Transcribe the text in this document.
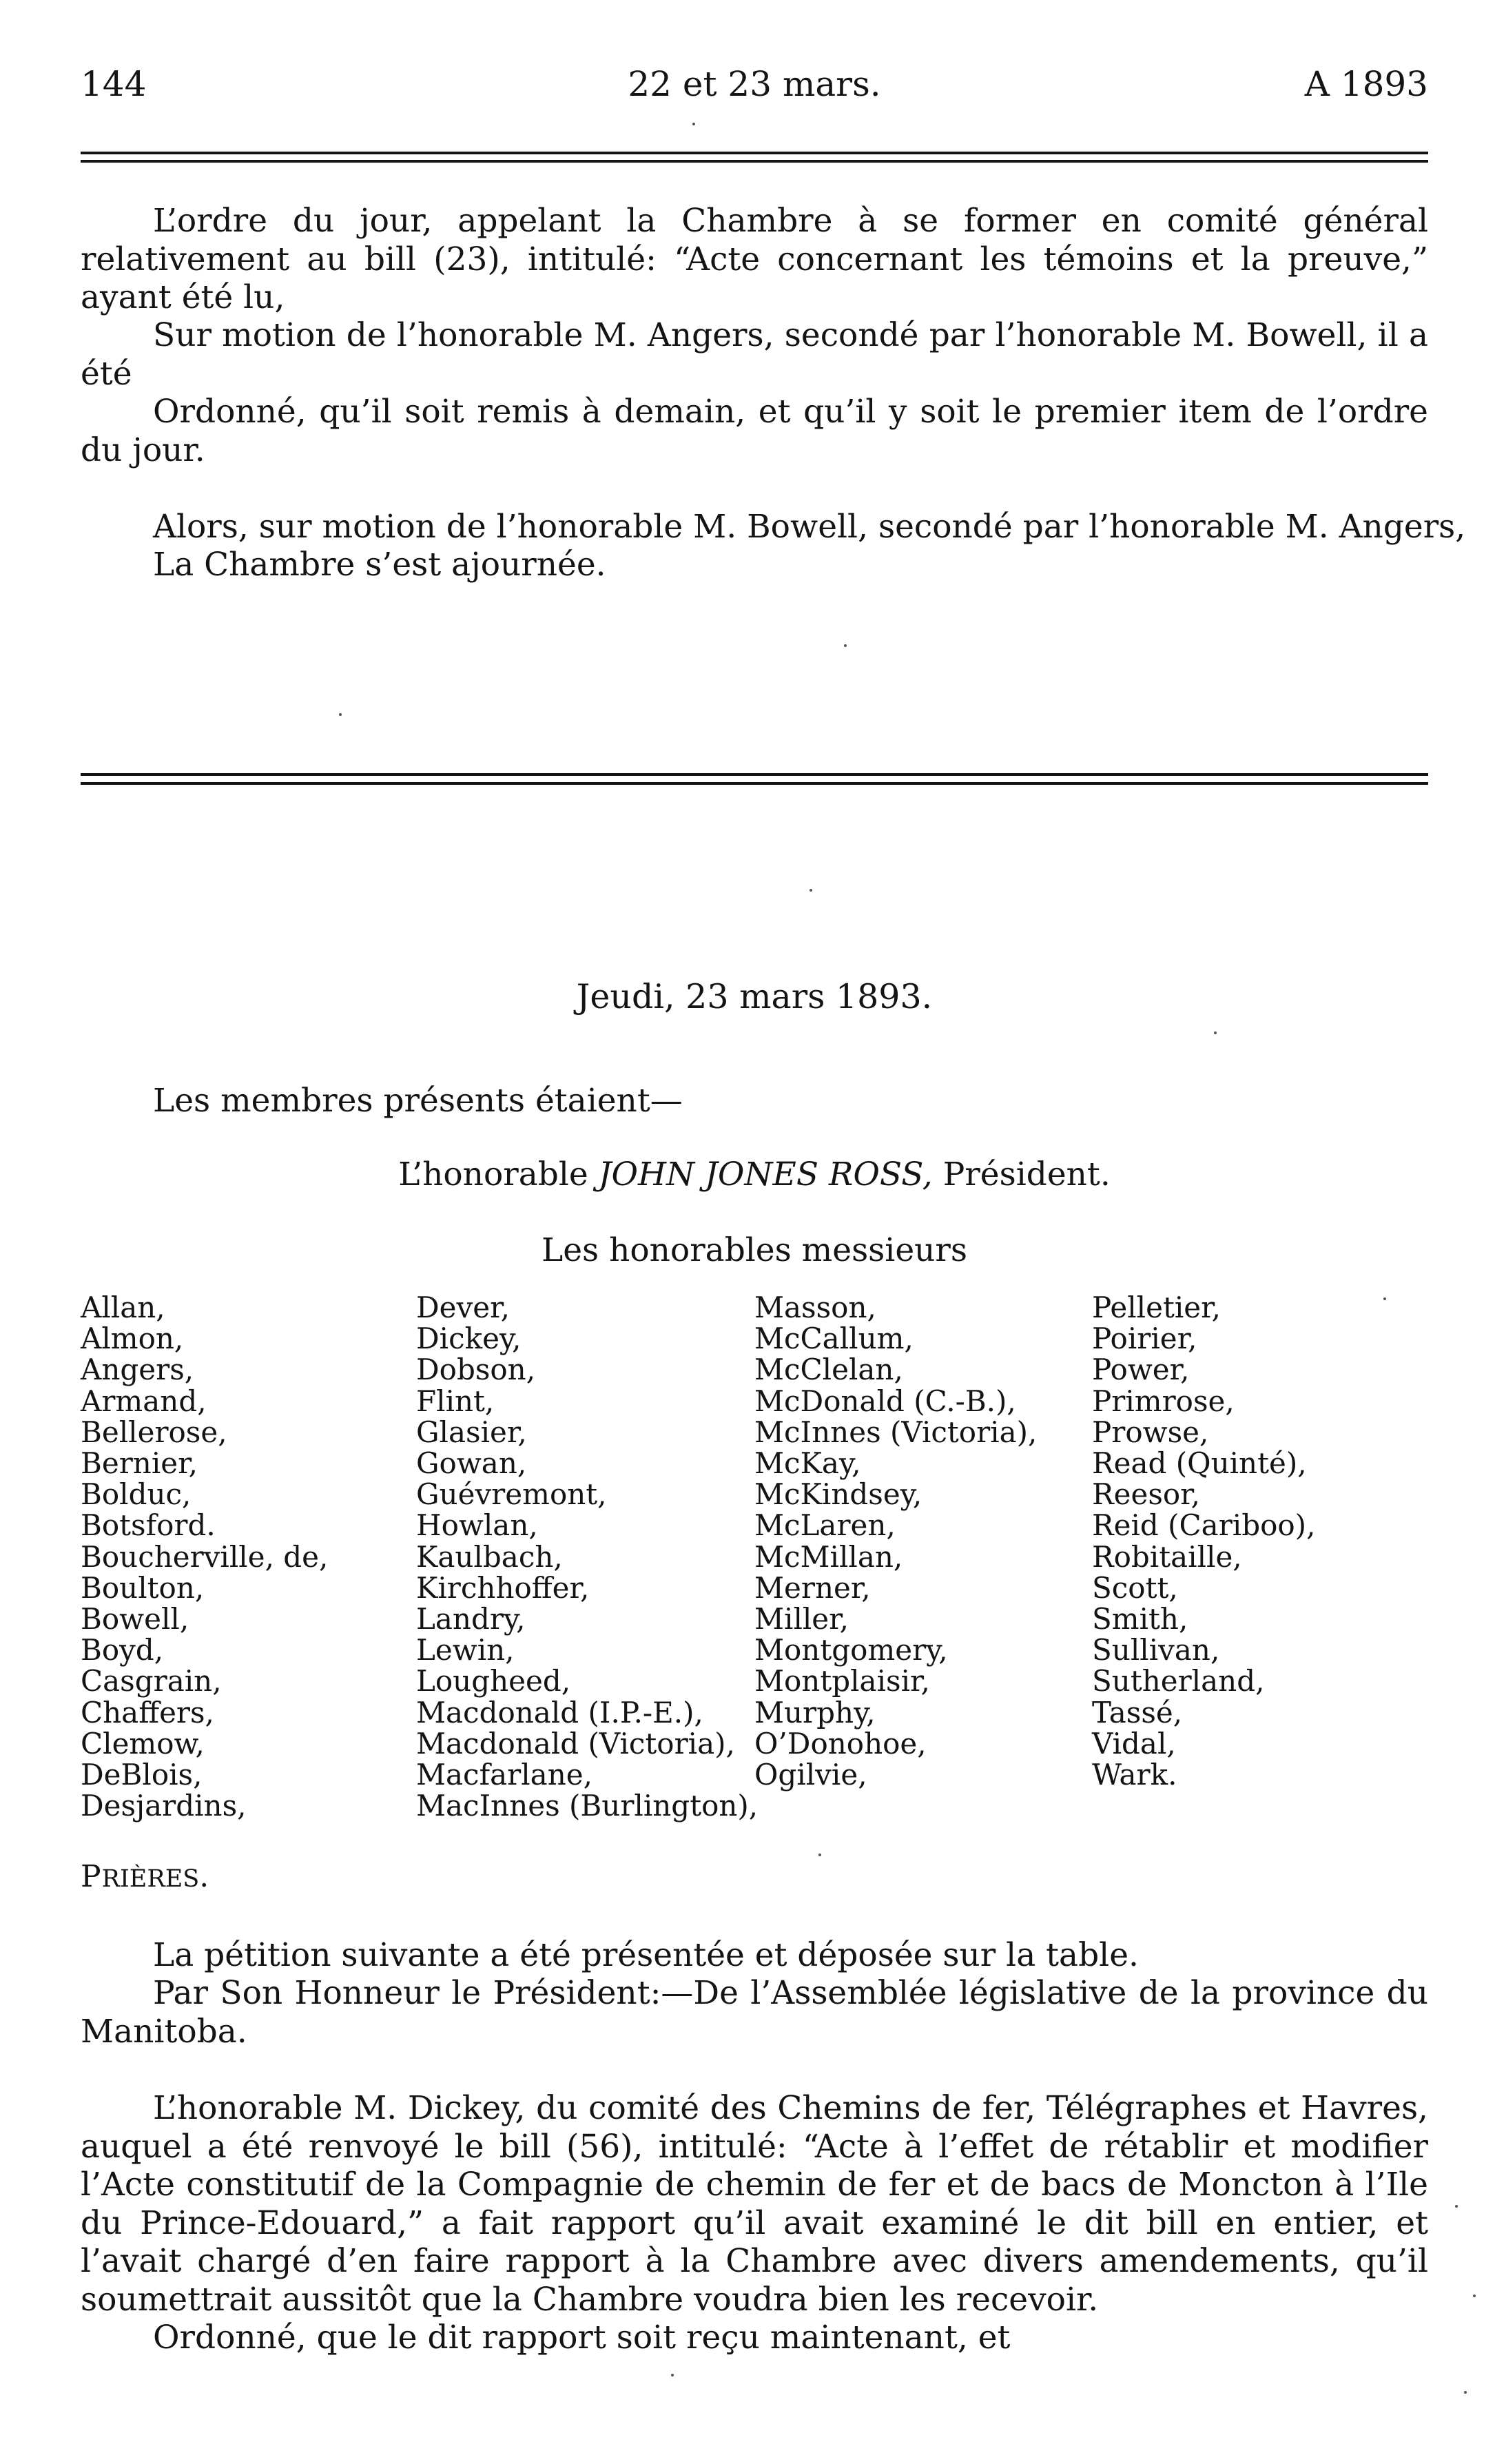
144	22 et 23 mars.	A 1893
L’ordre du jour, appelant la Chambre à se former en comité général relativement au bill (23), intitulé: “Acte concernant les témoins et la preuve,” ayant été lu,
Sur motion de l’honorable M. Angers, secondé par l’honorable M. Bowell, il a été
Ordonné, qu’il soit remis à demain, et qu’il y soit le premier item de l’ordre du jour.
Alors, sur motion de l’honorable M. Bowell, secondé par l’honorable M. Angers,
La Chambre s’est ajournée.
Jeudi, 23 mars 1893.
Les membres présents étaient—
L’honorable JOHN JONES ROSS, Président.
Les honorables messieurs
Allan,
Almon,
Angers,
Armand,
Bellerose,
Bernier,
Bolduc,
Botsford.
Boucherville, de,
Boulton,
Bowell,
Boyd,
Casgrain,
Chaffers,
Clemow,
DeBlois,
Desjardins,
Dever,
Dickey,
Dobson,
Flint,
Glasier,
Gowan,
Guévremont,
Howlan,
Kaulbach,
Kirchhoffer,
Landry,
Lewin,
Lougheed,
Macdonald (I.P.-E.),
Macdonald (Victoria),
Macfarlane,
MacInnes (Burlington),
Masson,
McCallum,
McClelan,
McDonald (C.-B.),
McInnes (Victoria),
McKay,
McKindsey,
McLaren,
McMillan,
Merner,
Miller,
Montgomery,
Montplaisir,
Murphy,
O’Donohoe,
Ogilvie,
Pelletier,
Poirier,
Power,
Primrose,
Prowse,
Read (Quinté),
Reesor,
Reid (Cariboo),
Robitaille,
Scott,
Smith,
Sullivan,
Sutherland,
Tassé,
Vidal,
Wark.
PRIÈRES.
La pétition suivante a été présentée et déposée sur la table.
Par Son Honneur le Président:—De l’Assemblée législative de la province du Manitoba.
L’honorable M. Dickey, du comité des Chemins de fer, Télégraphes et Havres, auquel a été renvoyé le bill (56), intitulé: “Acte à l’effet de rétablir et modifier l’Acte constitutif de la Compagnie de chemin de fer et de bacs de Moncton à l’Ile du Prince-Edouard,” a fait rapport qu’il avait examiné le dit bill en entier, et l’avait chargé d’en faire rapport à la Chambre avec divers amendements, qu’il soumettrait aussitôt que la Chambre voudra bien les recevoir.
Ordonné, que le dit rapport soit reçu maintenant, et
